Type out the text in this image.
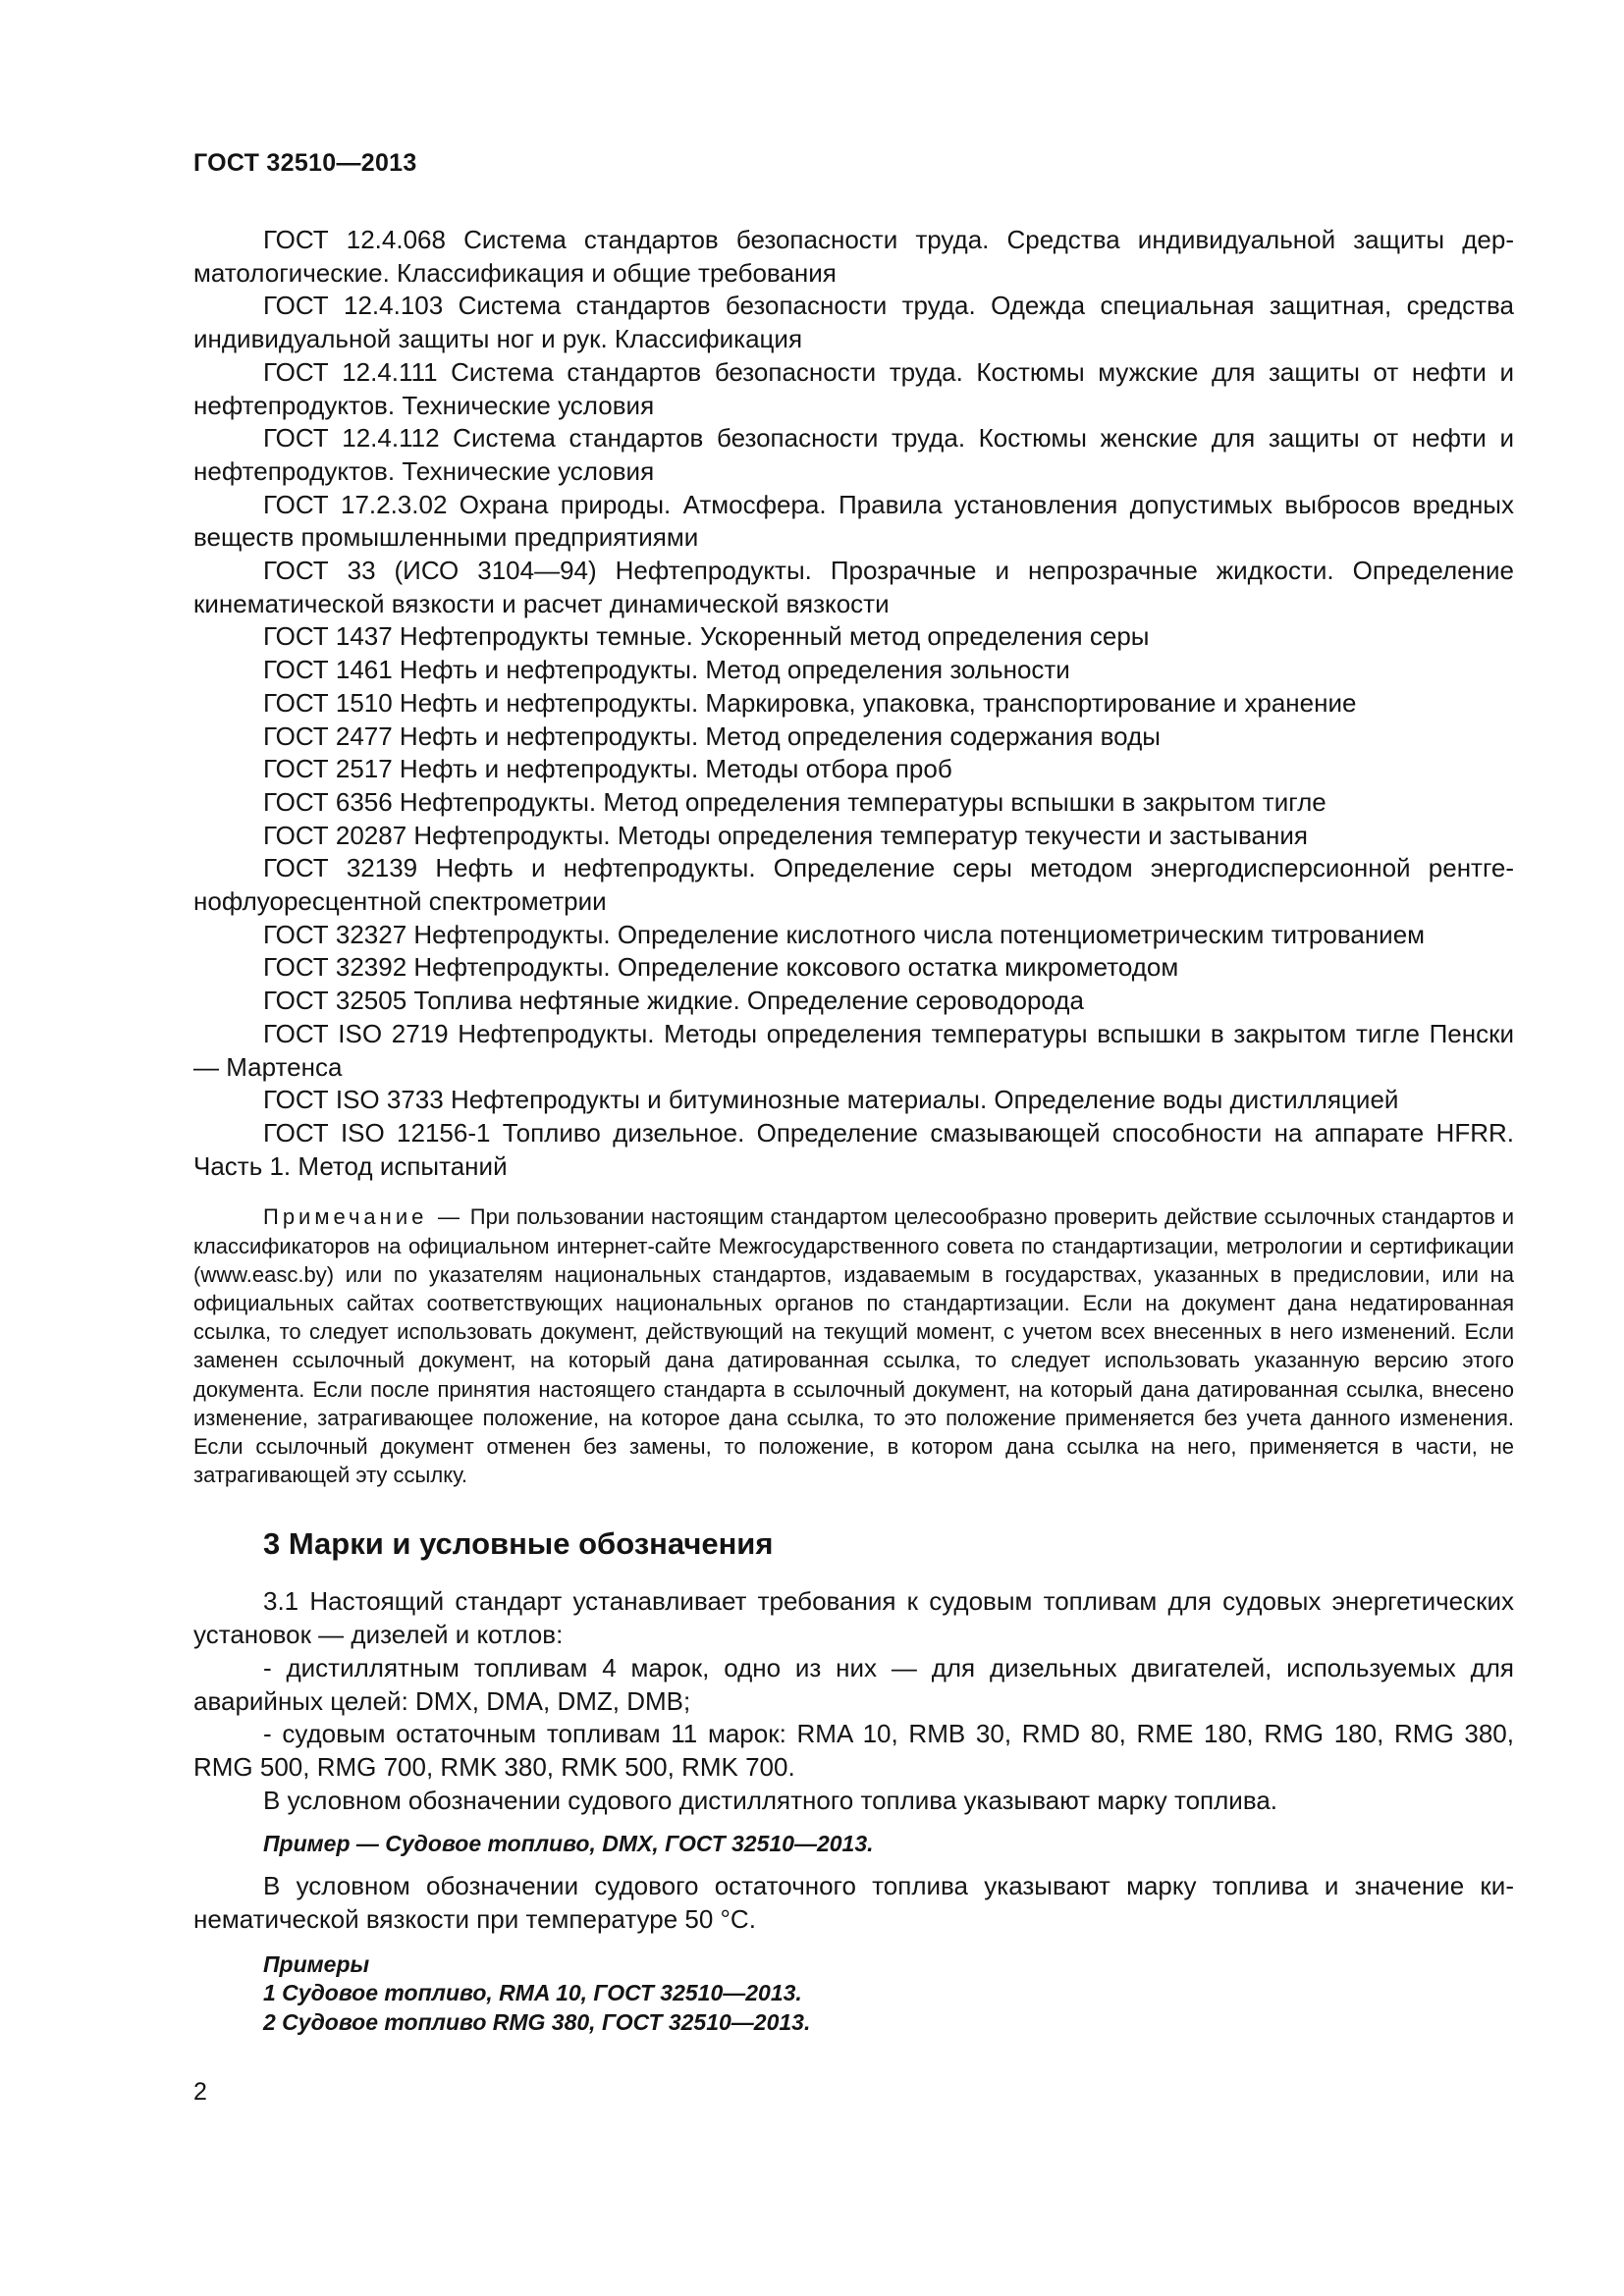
ГОСТ 32510—2013

ГОСТ 12.4.068 Система стандартов безопасности труда. Средства индивидуальной защиты дерматологические. Классификация и общие требования

ГОСТ 12.4.103 Система стандартов безопасности труда. Одежда специальная защитная, средства индивидуальной защиты ног и рук. Классификация

ГОСТ 12.4.111 Система стандартов безопасности труда. Костюмы мужские для защиты от нефти и нефтепродуктов. Технические условия

ГОСТ 12.4.112 Система стандартов безопасности труда. Костюмы женские для защиты от нефти и нефтепродуктов. Технические условия

ГОСТ 17.2.3.02 Охрана природы. Атмосфера. Правила установления допустимых выбросов вредных веществ промышленными предприятиями

ГОСТ 33 (ИСО 3104—94) Нефтепродукты. Прозрачные и непрозрачные жидкости. Определение кинематической вязкости и расчет динамической вязкости

ГОСТ 1437 Нефтепродукты темные. Ускоренный метод определения серы

ГОСТ 1461 Нефть и нефтепродукты. Метод определения зольности

ГОСТ 1510 Нефть и нефтепродукты. Маркировка, упаковка, транспортирование и хранение

ГОСТ 2477 Нефть и нефтепродукты. Метод определения содержания воды

ГОСТ 2517 Нефть и нефтепродукты. Методы отбора проб

ГОСТ 6356 Нефтепродукты. Метод определения температуры вспышки в закрытом тигле

ГОСТ 20287 Нефтепродукты. Методы определения температур текучести и застывания

ГОСТ 32139 Нефть и нефтепродукты. Определение серы методом энергодисперсионной рентгенофлуоресцентной спектрометрии

ГОСТ 32327 Нефтепродукты. Определение кислотного числа потенциометрическим титрованием

ГОСТ 32392 Нефтепродукты. Определение коксового остатка микрометодом

ГОСТ 32505 Топлива нефтяные жидкие. Определение сероводорода

ГОСТ ISO 2719 Нефтепродукты. Методы определения температуры вспышки в закрытом тигле Пенски — Мартенса

ГОСТ ISO 3733 Нефтепродукты и битуминозные материалы. Определение воды дистилляцией

ГОСТ ISO 12156-1 Топливо дизельное. Определение смазывающей способности на аппарате HFRR. Часть 1. Метод испытаний

Примечание — При пользовании настоящим стандартом целесообразно проверить действие ссылочных стандартов и классификаторов на официальном интернет-сайте Межгосударственного совета по стандартизации, метрологии и сертификации (www.easc.by) или по указателям национальных стандартов, издаваемым в государствах, указанных в предисловии, или на официальных сайтах соответствующих национальных органов по стандартизации. Если на документ дана недатированная ссылка, то следует использовать документ, действующий на текущий момент, с учетом всех внесенных в него изменений. Если заменен ссылочный документ, на который дана датированная ссылка, то следует использовать указанную версию этого документа. Если после принятия настоящего стандарта в ссылочный документ, на который дана датированная ссылка, внесено изменение, затрагивающее положение, на которое дана ссылка, то это положение применяется без учета данного изменения. Если ссылочный документ отменен без замены, то положение, в котором дана ссылка на него, применяется в части, не затрагивающей эту ссылку.
3 Марки и условные обозначения

3.1 Настоящий стандарт устанавливает требования к судовым топливам для судовых энергетических установок — дизелей и котлов:

- дистиллятным топливам 4 марок, одно из них — для дизельных двигателей, используемых для аварийных целей: DMX, DMA, DMZ, DMB;

- судовым остаточным топливам 11 марок: RMA 10, RMB 30, RMD 80, RME 180, RMG 180, RMG 380, RMG 500, RMG 700, RMK 380, RMK 500, RMK 700.

В условном обозначении судового дистиллятного топлива указывают марку топлива.

Пример — Судовое топливо, DMX, ГОСТ 32510—2013.

В условном обозначении судового остаточного топлива указывают марку топлива и значение кинематической вязкости при температуре 50 °С.

Примеры
1 Судовое топливо, RMA 10, ГОСТ 32510—2013.
2 Судовое топливо RMG 380, ГОСТ 32510—2013.
2
